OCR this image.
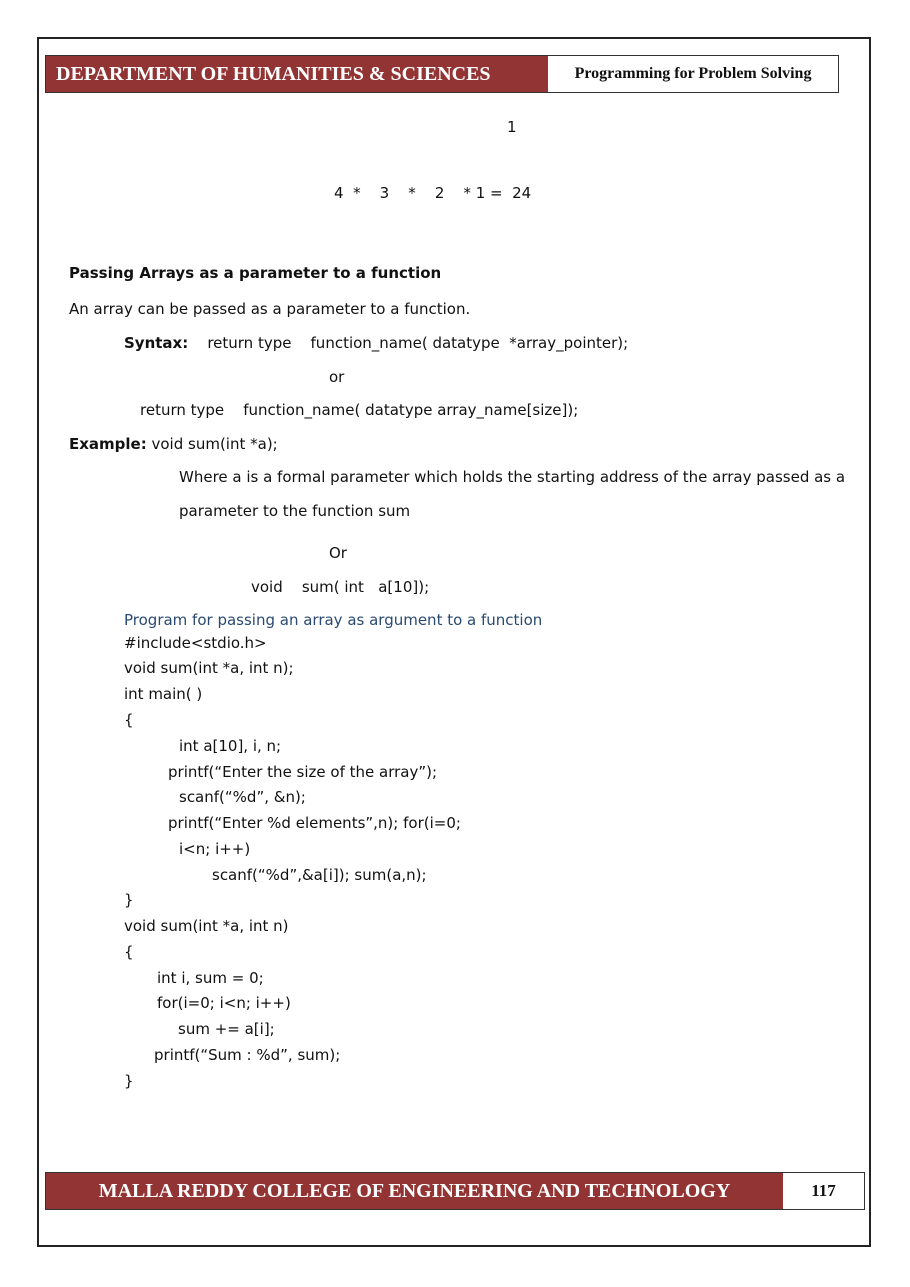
DEPARTMENT OF HUMANITIES & SCIENCES	Programming for Problem Solving
1
4  *    3    *    2    * 1 =  24
Passing Arrays as a parameter to a function
An array can be passed as a parameter to a function.
Syntax: return type    function_name( datatype  *array_pointer);
or
return type    function_name( datatype array_name[size]);
Example: void sum(int *a);
Where a is a formal parameter which holds the starting address of the array passed as a
parameter to the function sum
Or
void    sum( int   a[10]);
Program for passing an array as argument to a function
#include<stdio.h>
void sum(int *a, int n);
int main( )
{
int a[10], i, n;
printf(“Enter the size of the array”);
scanf(“%d”, &n);
printf(“Enter %d elements”,n); for(i=0;
i<n; i++)
scanf(“%d”,&a[i]); sum(a,n);
}
void sum(int *a, int n)
{
int i, sum = 0;
for(i=0; i<n; i++)
sum += a[i];
printf(“Sum : %d”, sum);
}
MALLA REDDY COLLEGE OF ENGINEERING AND TECHNOLOGY	117
